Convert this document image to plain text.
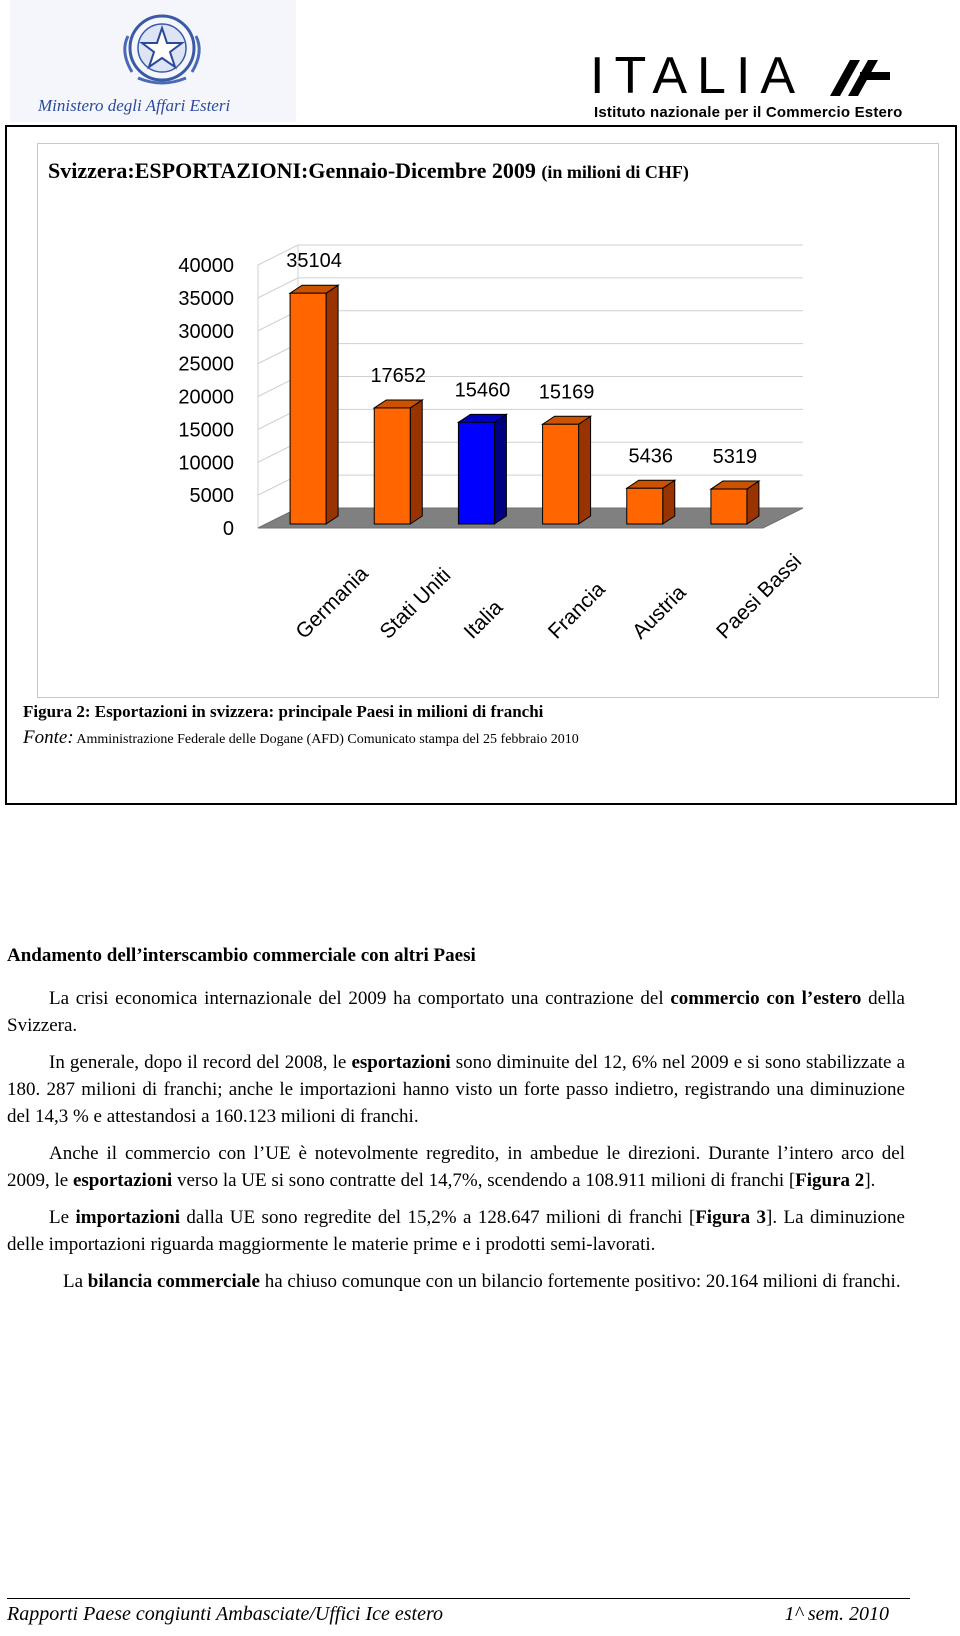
Ministero degli Affari Esteri
ITALIA
Istituto nazionale per il Commercio Estero
Svizzera:ESPORTAZIONI:Gennaio-Dicembre 2009 (in milioni di CHF)
40000
35000
30000
25000
20000
15000
10000
5000
0
35104
Germania
17652
Stati Uniti
15460
Italia
15169
Francia
5436
Austria
5319
Paesi Bassi
Figura 2: Esportazioni in svizzera: principale Paesi in milioni di franchi
Fonte: Amministrazione Federale delle Dogane (AFD) Comunicato stampa del 25 febbraio 2010
Andamento dell’interscambio commerciale con altri Paesi

La crisi economica internazionale del 2009 ha comportato una contrazione del commercio con l’estero della Svizzera.

In generale, dopo il record del 2008, le esportazioni sono diminuite del 12, 6% nel 2009 e si sono stabilizzate a 180. 287 milioni di franchi; anche le importazioni hanno visto un forte passo indietro, registrando una diminuzione del 14,3 % e attestandosi a 160.123 milioni di franchi.

Anche il commercio con l’UE è notevolmente regredito, in ambedue le direzioni. Durante l’intero arco del 2009, le esportazioni verso la UE si sono contratte del 14,7%, scendendo a 108.911 milioni di franchi [Figura 2].

Le importazioni dalla UE sono regredite del 15,2% a 128.647 milioni di franchi [Figura 3]. La diminuzione delle importazioni riguarda maggiormente le materie prime e i prodotti semi-lavorati.

La bilancia commerciale ha chiuso comunque con un bilancio fortemente positivo: 20.164 milioni di franchi.

Rapporti Paese congiunti Ambasciate/Uffici Ice estero	1^ sem. 2010
